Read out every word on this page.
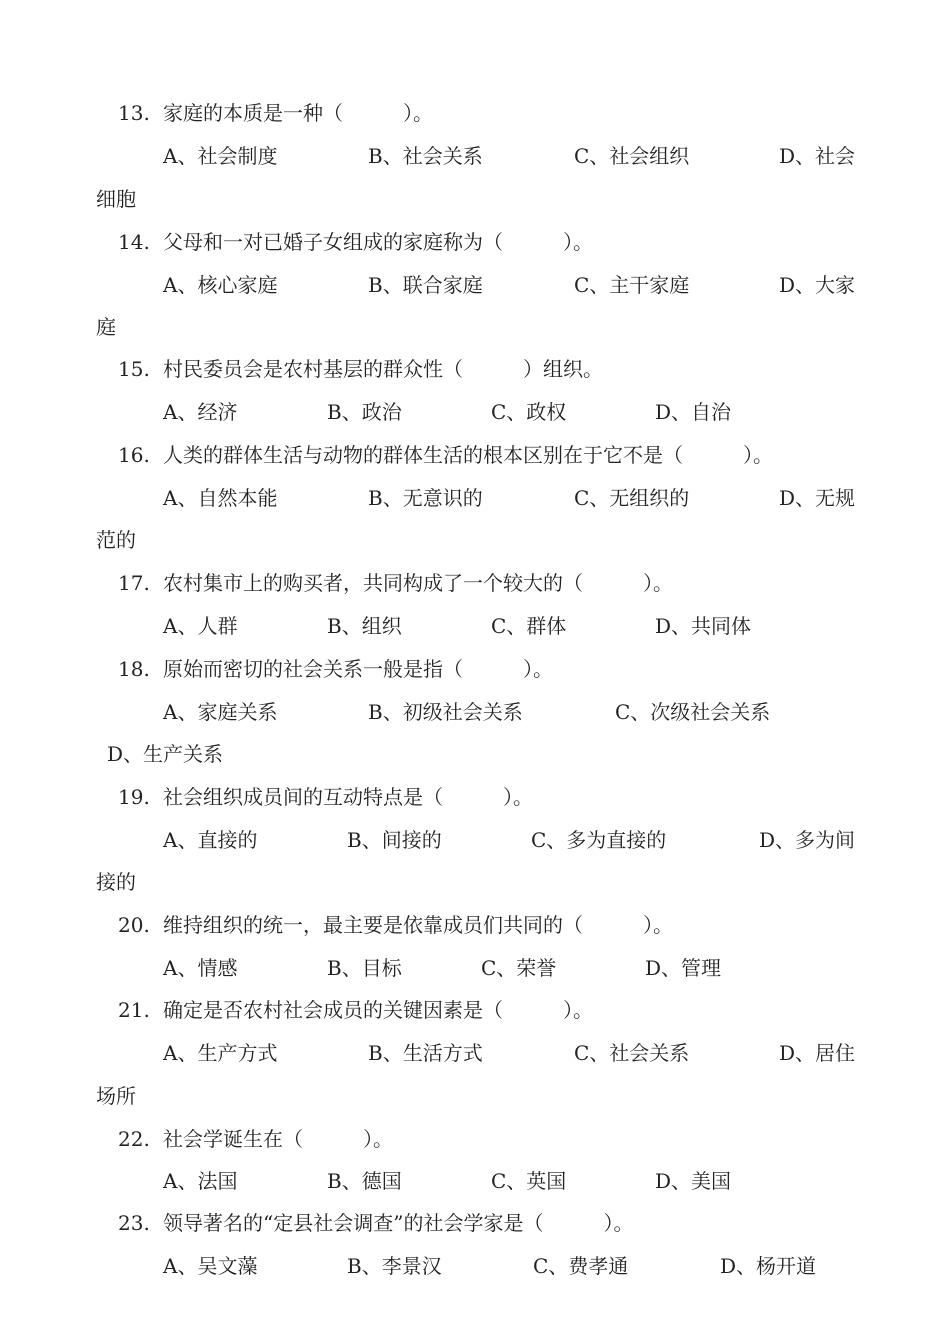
13. 家庭的本质是一种（　　　）。
A、社会制度	B、社会关系	C、社会组织	D、社会
细胞
14. 父母和一对已婚子女组成的家庭称为（　　　）。
A、核心家庭	B、联合家庭	C、主干家庭	D、大家
庭
15. 村民委员会是农村基层的群众性（　　　）组织。
A、经济	B、政治	C、政权	D、自治
16. 人类的群体生活与动物的群体生活的根本区别在于它不是（　　　）。
A、自然本能	B、无意识的	C、无组织的	D、无规
范的
17. 农村集市上的购买者，共同构成了一个较大的（　　　）。
A、人群	B、组织	C、群体	D、共同体
18. 原始而密切的社会关系一般是指（　　　）。
A、家庭关系	B、初级社会关系	C、次级社会关系
D、生产关系
19. 社会组织成员间的互动特点是（　　　）。
A、直接的	B、间接的	C、多为直接的	D、多为间
接的
20. 维持组织的统一，最主要是依靠成员们共同的（　　　）。
A、情感	B、目标	C、荣誉	D、管理
21. 确定是否农村社会成员的关键因素是（　　　）。
A、生产方式	B、生活方式	C、社会关系	D、居住
场所
22. 社会学诞生在（　　　）。
A、法国	B、德国	C、英国	D、美国
23. 领导著名的“定县社会调查”的社会学家是（　　　）。
A、吴文藻	B、李景汉	C、费孝通	D、杨开道
